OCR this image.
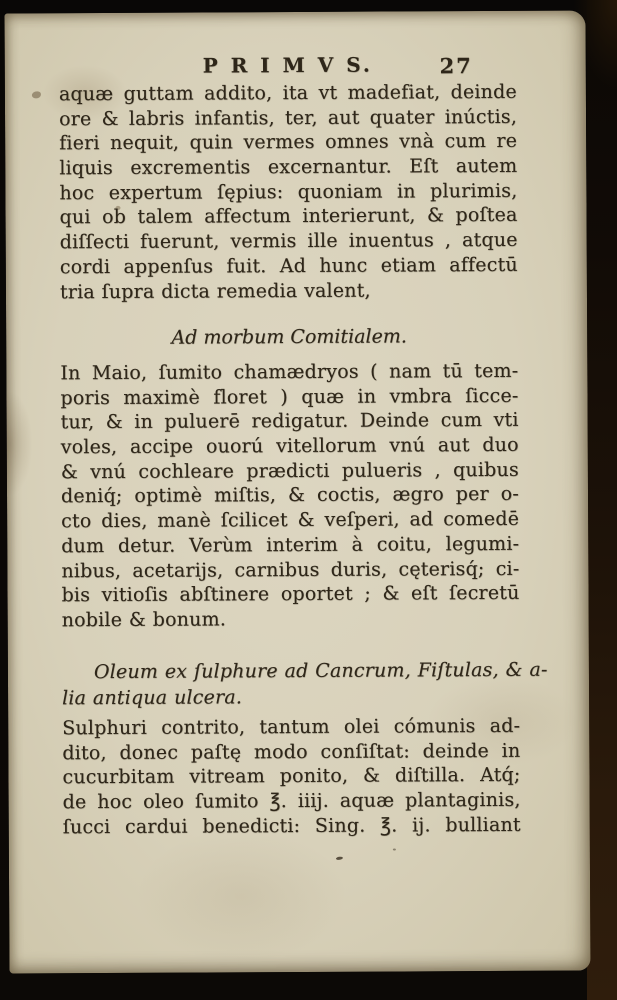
P R I M V S.	27
aquæ guttam addito, ita vt madefiat, deinde
ore & labris infantis, ter, aut quater inúctis,
fieri nequit, quin vermes omnes vnà cum re
liquis excrementis excernantur. Eſt autem
hoc expertum ſępius: quoniam in plurimis,
qui ob talem affectum interierunt, & poſtea
diſſecti fuerunt, vermis ille inuentus , atque
cordi appenſus fuit. Ad hunc etiam affectū
tria ſupra dicta remedia valent,
Ad morbum Comitialem.
In Maio, ſumito chamædryos ( nam tū tem-
poris maximè floret ) quæ in vmbra ſicce-
tur, & in puluerē redigatur. Deinde cum vti
voles, accipe ouorú vitellorum vnú aut duo
& vnú cochleare prædicti pulueris , quibus
deniq́; optimè miſtis, & coctis, ægro per o-
cto dies, manè ſcilicet & veſperi, ad comedē
dum detur. Verùm interim à coitu, legumi-
nibus, acetarijs, carnibus duris, cęterisq́; ci-
bis vitioſis abſtinere oportet ; & eſt ſecretū
nobile & bonum.
Oleum ex ſulphure ad Cancrum, Fiſtulas, & a-
lia antiqua ulcera.
Sulphuri contrito, tantum olei cómunis ad-
dito, donec paſtę modo conſiſtat: deinde in
cucurbitam vitream ponito, & diſtilla. Atq́;
de hoc oleo ſumito ℥. iiij. aquæ plantaginis,
ſucci cardui benedicti: Sing. ℥. ij. bulliant
